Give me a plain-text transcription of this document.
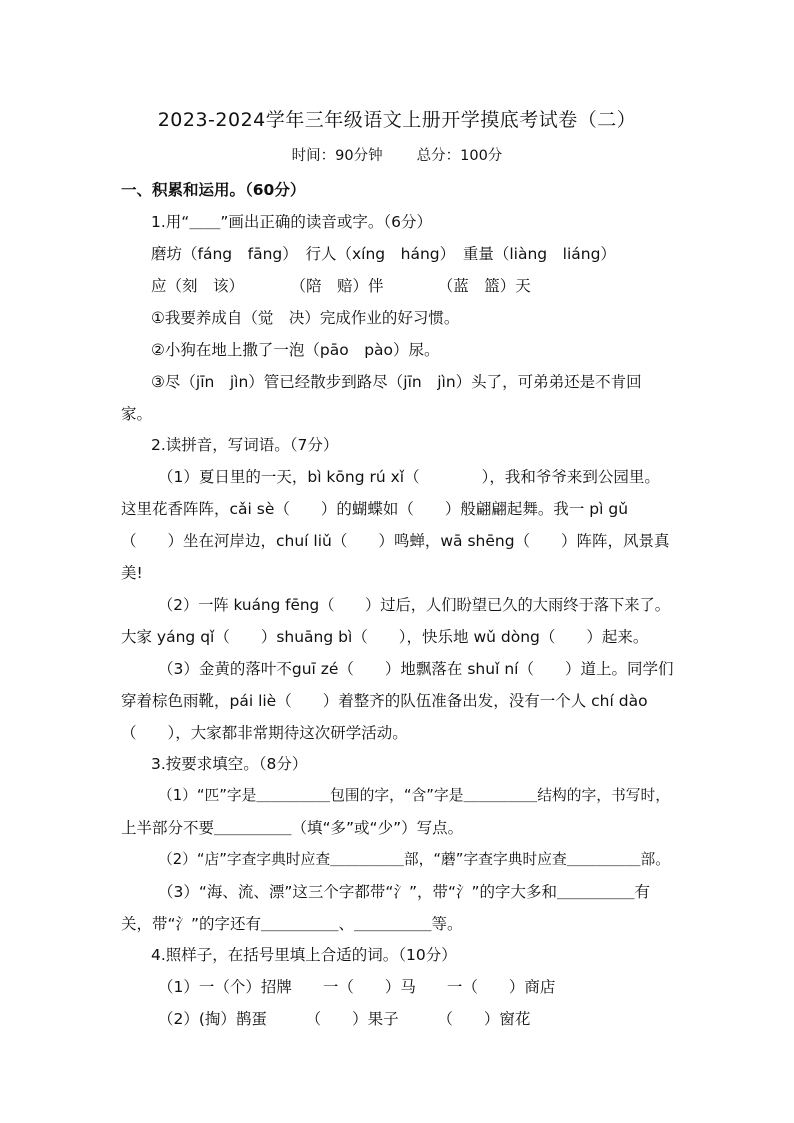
2023-2024学年三年级语文上册开学摸底考试卷（二）
时间：90分钟 总分：100分
一、积累和运用。（60分）
1.用“＿＿”画出正确的读音或字。（6分）
磨坊（fáng　fāng）　行人（xíng　háng）　重量（liàng　liáng）
应（刻　该）　　　　（陪　赔）伴　　　　（蓝　篮）天
①我要养成自（觉　决）完成作业的好习惯。
②小狗在地上撒了一泡（pāo　pào）尿。
③尽（jīn　jìn）管已经散步到路尽（jīn　jìn）头了，可弟弟还是不肯回
家。
2.读拼音，写词语。（7分）
（1）夏日里的一天，bì kōng rú xǐ（　　　　），我和爷爷来到公园里。
这里花香阵阵，cǎi sè（　　）的蝴蝶如（　　）般翩翩起舞。我一 pì gǔ
（　　）坐在河岸边，chuí liǔ（　　）鸣蝉，wā shēng（　　）阵阵，风景真
美!
（2）一阵 kuáng fēng（　　）过后，人们盼望已久的大雨终于落下来了。
大家 yáng qǐ（　　）shuāng bì（　　），快乐地 wǔ dòng（　　）起来。
（3）金黄的落叶不guī zé（　　）地飘落在 shuǐ ní（　　）道上。同学们
穿着棕色雨靴，pái liè（　　）着整齐的队伍准备出发，没有一个人 chí dào
（　　），大家都非常期待这次研学活动。
3.按要求填空。（8分）
（1）“匹”字是＿＿＿＿＿包围的字，“含”字是＿＿＿＿＿结构的字，书写时，
上半部分不要＿＿＿＿＿（填“多”或“少”）写点。
（2）“店”字查字典时应查＿＿＿＿＿部，“蘑”字查字典时应查＿＿＿＿＿部。
（3）“海、流、漂”这三个字都带“氵”，带“氵”的字大多和＿＿＿＿＿有
关，带“氵”的字还有＿＿＿＿＿、＿＿＿＿＿等。
4.照样子，在括号里填上合适的词。（10分）
（1）一（个）招牌　　一（　　）马　　一（　　）商店
（2）(掏）鹊蛋　　　（　　）果子　　　（　　）窗花
